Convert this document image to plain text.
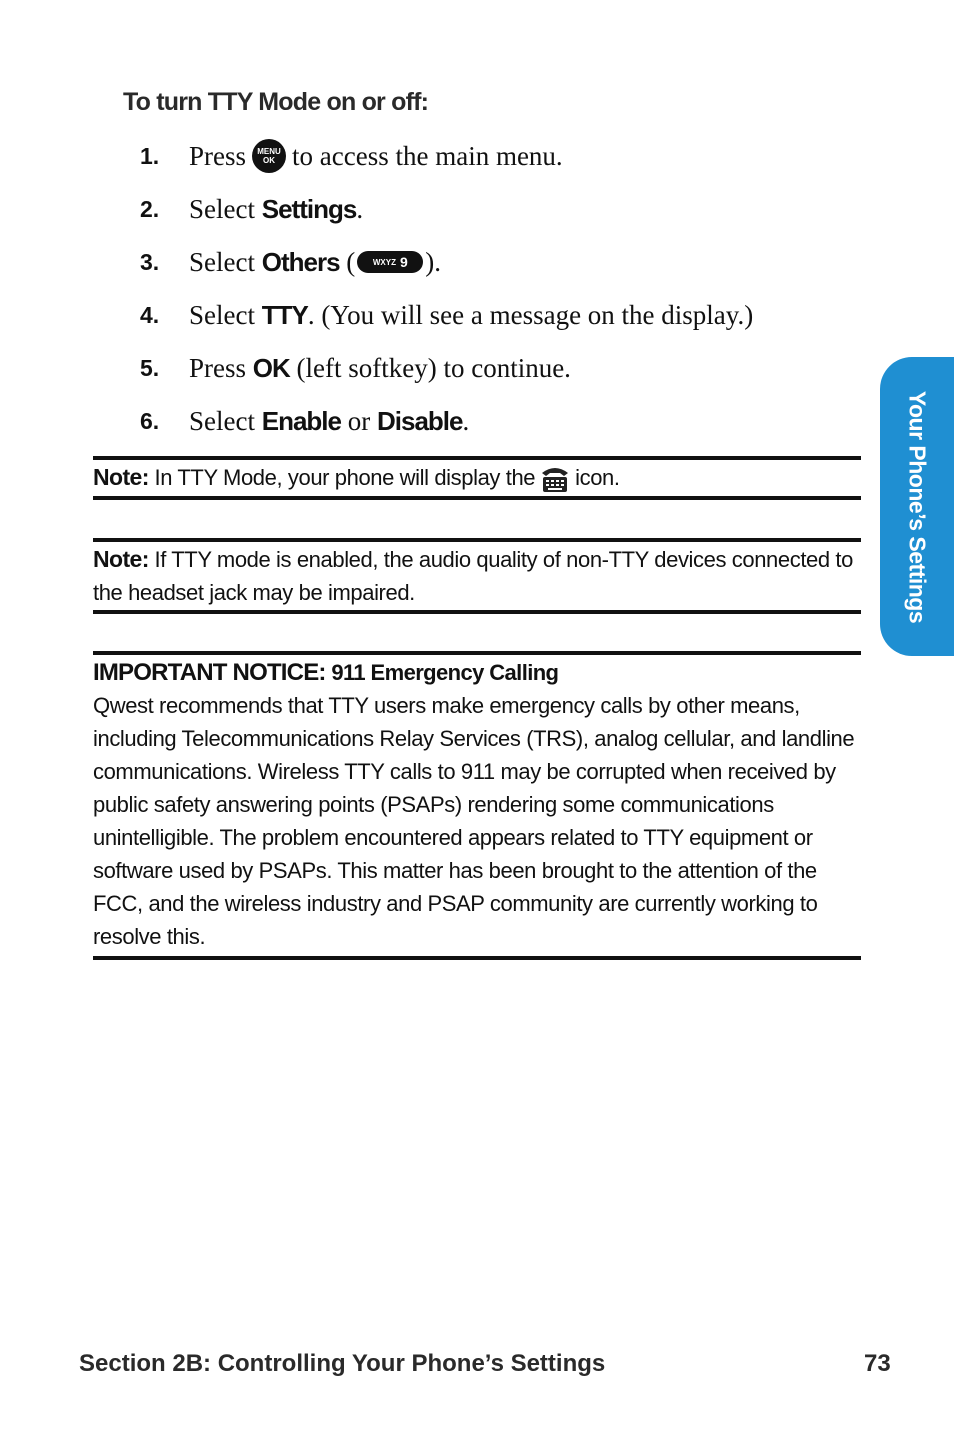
To turn TTY Mode on or off:
1.	Press MENU
OK to access the main menu.
2.	Select
Settings .
3.	Select
Others
( WXYZ 9 ).
4.	Select
TTY . (You will see a message on the display.)
5.	Press
OK
(left softkey) to continue.
6.	Select
Enable
or
Disable .
Note: In TTY Mode, your phone will display the icon.
Note: If TTY mode is enabled, the audio quality of non-TTY devices connected to the headset jack may be impaired.
IMPORTANT NOTICE: 911 Emergency Calling
Qwest recommends that TTY users make emergency calls by other means, including Telecommunications Relay Services (TRS), analog cellular, and landline communications. Wireless TTY calls to 911 may be corrupted when received by public safety answering points (PSAPs) rendering some communications unintelligible. The problem encountered appears related to TTY equipment or software used by PSAPs. This matter has been brought to the attention of the FCC, and the wireless industry and PSAP community are currently working to resolve this.
Your Phone’s Settings
Section 2B: Controlling Your Phone’s Settings	73
